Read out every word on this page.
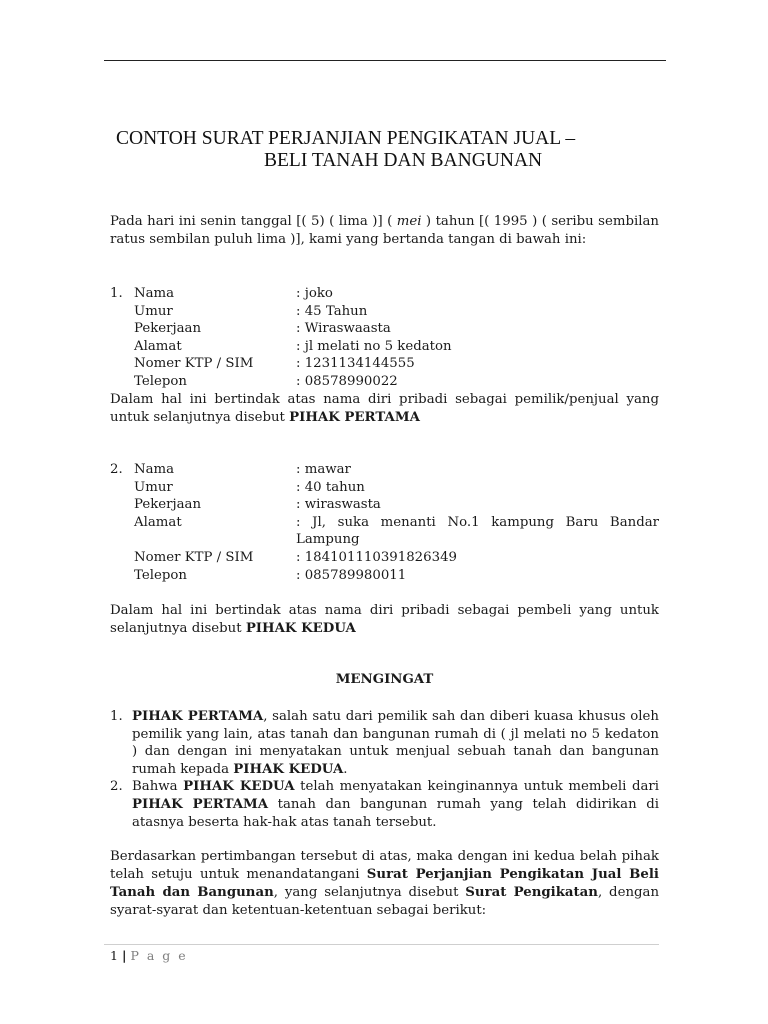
CONTOH SURAT PERJANJIAN PENGIKATAN JUAL –
BELI TANAH DAN BANGUNAN
Pada hari ini senin tanggal [( 5) ( lima )] ( mei ) tahun [( 1995 ) ( seribu sembilan ratus sembilan puluh lima )], kami yang bertanda tangan di bawah ini:
1. Nama	: joko
Umur	: 45 Tahun
Pekerjaan	: Wiraswaasta
Alamat	: jl melati no 5 kedaton
Nomer KTP / SIM	: 1231134144555
Telepon	: 08578990022
Dalam hal ini bertindak atas nama diri pribadi sebagai pemilik/penjual yang untuk selanjutnya disebut PIHAK PERTAMA
2. Nama	: mawar
Umur	: 40 tahun
Pekerjaan	: wiraswasta
Alamat	: Jl, suka menanti No.1 kampung Baru Bandar
Lampung
Nomer KTP / SIM	: 184101110391826349
Telepon	: 085789980011
Dalam hal ini bertindak atas nama diri pribadi sebagai pembeli yang untuk selanjutnya disebut PIHAK KEDUA
MENGINGAT
1. PIHAK PERTAMA, salah satu dari pemilik sah dan diberi kuasa khusus oleh pemilik yang lain, atas tanah dan bangunan rumah di ( jl melati no 5 kedaton ) dan dengan ini menyatakan untuk menjual sebuah tanah dan bangunan rumah kepada PIHAK KEDUA.
2. Bahwa PIHAK KEDUA telah menyatakan keinginannya untuk membeli dari PIHAK PERTAMA tanah dan bangunan rumah yang telah didirikan di atasnya beserta hak-hak atas tanah tersebut.
Berdasarkan pertimbangan tersebut di atas, maka dengan ini kedua belah pihak telah setuju untuk menandatangani Surat Perjanjian Pengikatan Jual Beli Tanah dan Bangunan, yang selanjutnya disebut Surat Pengikatan, dengan syarat-syarat dan ketentuan-ketentuan sebagai berikut:
1 | P a g e
